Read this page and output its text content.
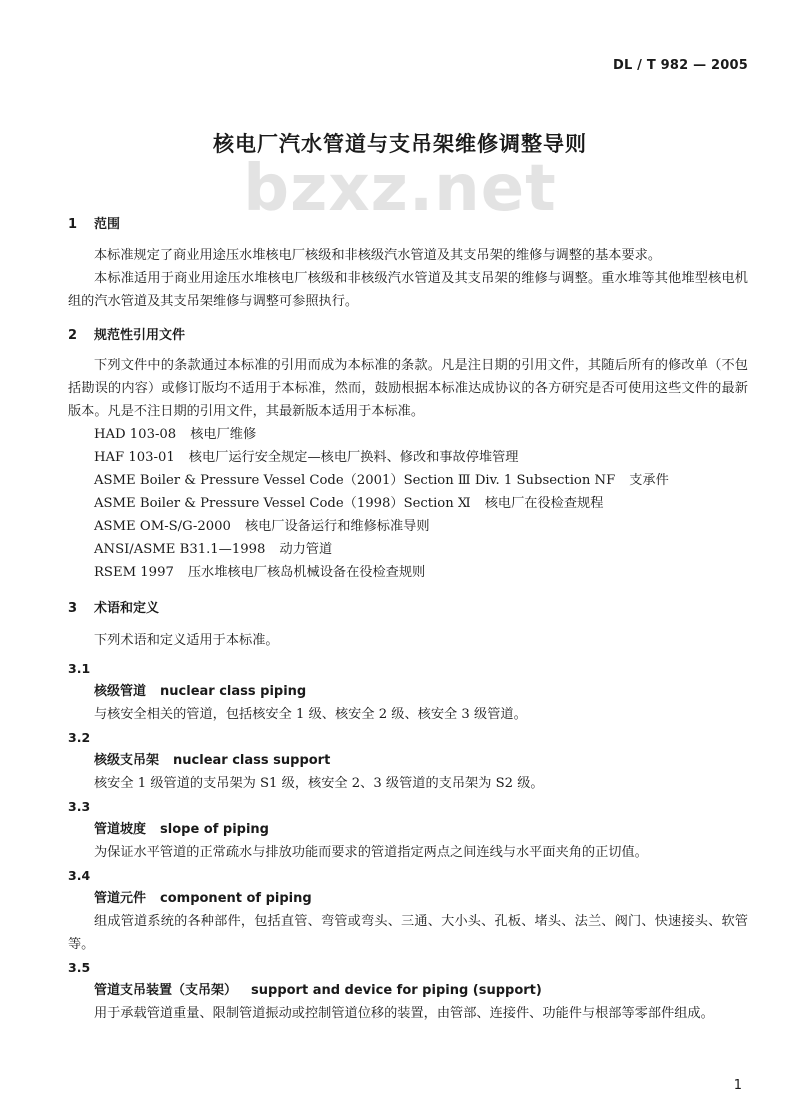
DL / T 982 — 2005
bzxz.net
核电厂汽水管道与支吊架维修调整导则
1 范围
本标准规定了商业用途压水堆核电厂核级和非核级汽水管道及其支吊架的维修与调整的基本要求。
本标准适用于商业用途压水堆核电厂核级和非核级汽水管道及其支吊架的维修与调整。重水堆等其他堆型核电机组的汽水管道及其支吊架维修与调整可参照执行。
2 规范性引用文件
下列文件中的条款通过本标准的引用而成为本标准的条款。凡是注日期的引用文件，其随后所有的修改单（不包括勘误的内容）或修订版均不适用于本标准，然而，鼓励根据本标准达成协议的各方研究是否可使用这些文件的最新版本。凡是不注日期的引用文件，其最新版本适用于本标准。
HAD 103-08 核电厂维修
HAF 103-01 核电厂运行安全规定—核电厂换料、修改和事故停堆管理
ASME Boiler & Pressure Vessel Code（2001）Section Ⅲ Div. 1 Subsection NF 支承件
ASME Boiler & Pressure Vessel Code（1998）Section Ⅺ 核电厂在役检查规程
ASME OM-S/G-2000 核电厂设备运行和维修标准导则
ANSI/ASME B31.1—1998 动力管道
RSEM 1997 压水堆核电厂核岛机械设备在役检查规则
3 术语和定义
下列术语和定义适用于本标准。
3.1
核级管道 nuclear class piping
与核安全相关的管道，包括核安全 1 级、核安全 2 级、核安全 3 级管道。
3.2
核级支吊架 nuclear class support
核安全 1 级管道的支吊架为 S1 级，核安全 2、3 级管道的支吊架为 S2 级。
3.3
管道坡度 slope of piping
为保证水平管道的正常疏水与排放功能而要求的管道指定两点之间连线与水平面夹角的正切值。
3.4
管道元件 component of piping
组成管道系统的各种部件，包括直管、弯管或弯头、三通、大小头、孔板、堵头、法兰、阀门、快速接头、软管等。
3.5
管道支吊装置（支吊架） support and device for piping (support)
用于承载管道重量、限制管道振动或控制管道位移的装置，由管部、连接件、功能件与根部等零部件组成。
1
